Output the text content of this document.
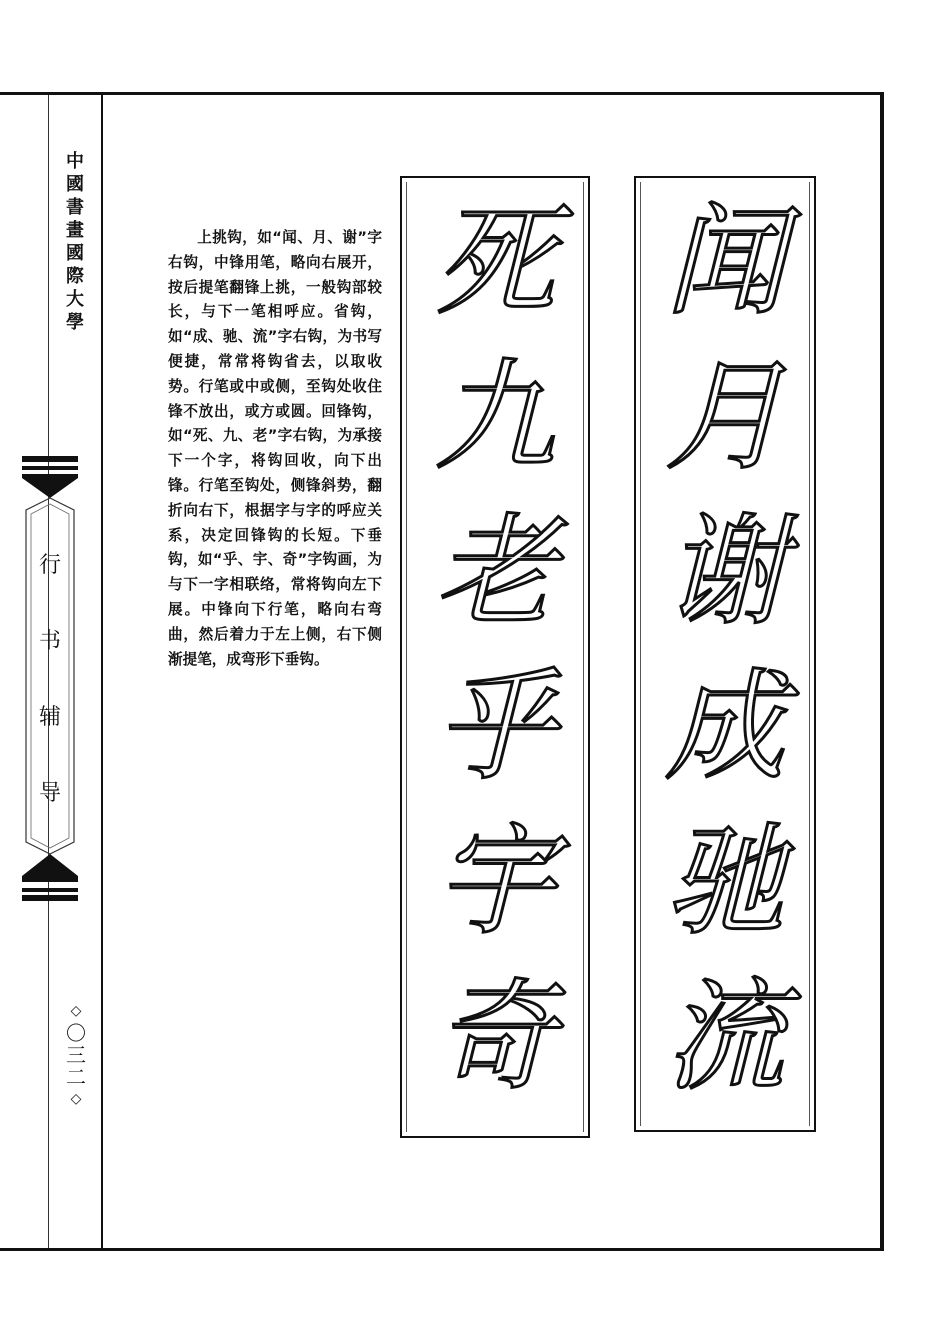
中
國
書
畫
國
際
大
學
行
书
辅
导
◇
〇
三
二
◇

上挑钩，如“闻、月、谢”字右钩，中锋用笔，略向右展开，按后提笔翻锋上挑，一般钩部较长，与下一笔相呼应。省钩，如“成、驰、流”字右钩，为书写便捷，常常将钩省去，以取收势。行笔或中或侧，至钩处收住锋不放出，或方或圆。回锋钩，如“死、九、老”字右钩，为承接下一个字，将钩回收，向下出锋。行笔至钩处，侧锋斜势，翻折向右下，根据字与字的呼应关系，决定回锋钩的长短。下垂钩，如“乎、宇、奇”字钩画，为与下一字相联络，常将钩向左下展。中锋向下行笔，略向右弯曲，然后着力于左上侧，右下侧渐提笔，成弯形下垂钩。

闻
月
谢
成
驰
流
死
九
老
乎
宇
奇
